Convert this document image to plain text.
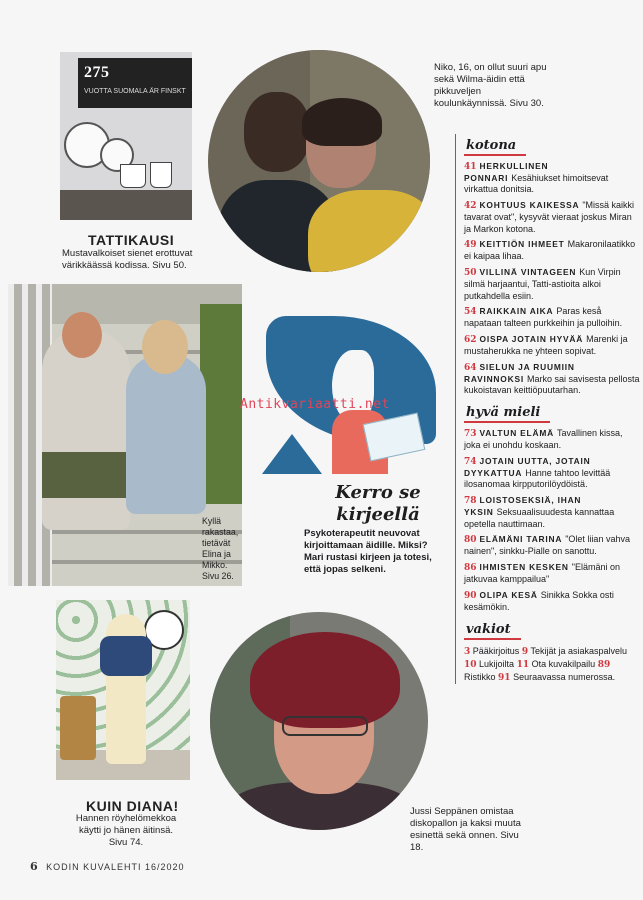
275
VUOTTA SUOMALA ÄR FINSKT
TATTIKAUSI
Mustavalkoiset sienet erottuvat värikkäässä kodissa. Sivu 50.
Niko, 16, on ollut suuri apu sekä Wilma-äidin että pikkuveljen koulunkäynnissä. Sivu 30.
Kyllä rakastaa, tietävät Elina ja Mikko. Sivu 26.
Kerro se
kirjeellä
Psykoterapeutit neuvovat kirjoittamaan äidille. Miksi? Mari rustasi kirjeen ja totesi, että jopas selkeni.
KUIN DIANA!
Hannen röyhelömekkoa käytti jo hänen äitinsä. Sivu 74.
Jussi Seppänen omistaa diskopallon ja kaksi muuta esinettä sekä onnen. Sivu 18.
kotona
41 HERKULLINEN PONNARI Kesähiukset himoitsevat virkattua donitsia.
42 KOHTUUS KAIKESSA "Missä kaikki tavarat ovat", kysyvät vieraat joskus Miran ja Markon kotona.
49 KEITTIÖN IHMEET Makaronilaatikko ei kaipaa lihaa.
50 VILLINÄ VINTAGEEN Kun Virpin silmä harjaantui, Tatti-astioita alkoi putkahdella esiin.
54 RAIKKAIN AIKA Paras keså napataan talteen purkkeihin ja pulloihin.
62 OISPA JOTAIN HYVÄÄ Marenki ja mustaherukka ne yhteen sopivat.
64 SIELUN JA RUUMIIN RAVINNOKSI Marko sai savisesta pellosta kukoistavan keittiöpuutarhan.
hyvä mieli
73 VALTUN ELÄMÄ Tavallinen kissa, joka ei unohdu koskaan.
74 JOTAIN UUTTA, JOTAIN DYYKATTUA Hanne tahtoo levittää ilosanomaa kirpputorilöydöistä.
78 LOISTOSEKSIÄ, IHAN YKSIN Seksuaalisuudesta kannattaa opetella nauttimaan.
80 ELÄMÄNI TARINA "Olet liian vahva nainen", sinkku-Pialle on sanottu.
86 IHMISTEN KESKEN "Elämäni on jatkuvaa kamppailua"
90 OLIPA KESÄ Sinikka Sokka osti kesämökin.
vakiot
3 Pääkirjoitus 9 Tekijät ja asiakaspalvelu 10 Lukijoilta 11 Ota kuvakilpailu 89 Ristikko 91 Seuraavassa numerossa.
6 KODIN KUVALEHTI 16/2020
Antikvariaatti.net
